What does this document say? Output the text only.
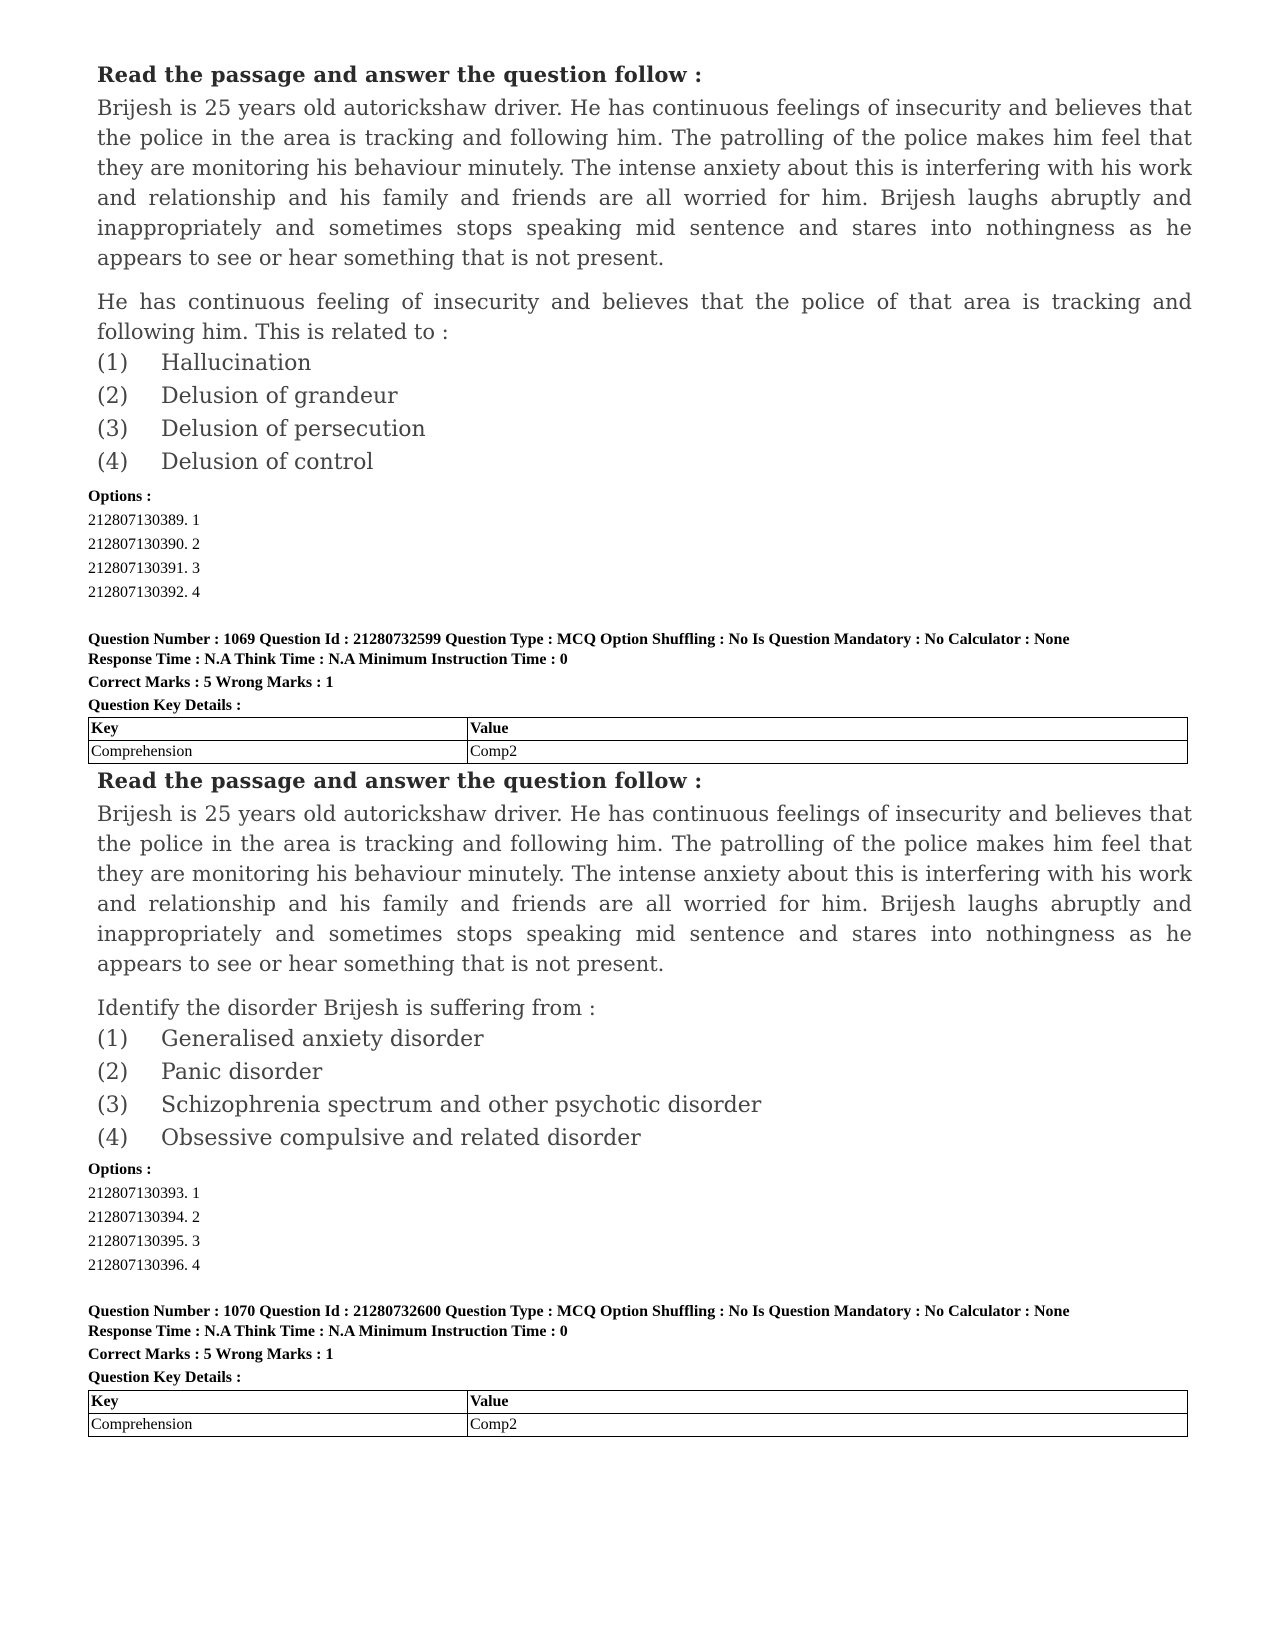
Read the passage and answer the question follow :

Brijesh is 25 years old autorickshaw driver. He has continuous feelings of insecurity and believes that the police in the area is tracking and following him. The patrolling of the police makes him feel that they are monitoring his behaviour minutely. The intense anxiety about this is interfering with his work and relationship and his family and friends are all worried for him. Brijesh laughs abruptly and inappropriately and sometimes stops speaking mid sentence and stares into nothingness as he appears to see or hear something that is not present.

He has continuous feeling of insecurity and believes that the police of that area is tracking and following him. This is related to :

(1)	Hallucination
(2)	Delusion of grandeur
(3)	Delusion of persecution
(4)	Delusion of control
Options :
212807130389. 1
212807130390. 2
212807130391. 3
212807130392. 4
Question Number : 1069 Question Id : 21280732599 Question Type : MCQ Option Shuffling : No Is Question Mandatory : No Calculator : None
Response Time : N.A Think Time : N.A Minimum Instruction Time : 0
Correct Marks : 5 Wrong Marks : 1
Question Key Details :
Key	Value
Comprehension	Comp2
Read the passage and answer the question follow :

Brijesh is 25 years old autorickshaw driver. He has continuous feelings of insecurity and believes that the police in the area is tracking and following him. The patrolling of the police makes him feel that they are monitoring his behaviour minutely. The intense anxiety about this is interfering with his work and relationship and his family and friends are all worried for him. Brijesh laughs abruptly and inappropriately and sometimes stops speaking mid sentence and stares into nothingness as he appears to see or hear something that is not present.

Identify the disorder Brijesh is suffering from :

(1)	Generalised anxiety disorder
(2)	Panic disorder
(3)	Schizophrenia spectrum and other psychotic disorder
(4)	Obsessive compulsive and related disorder
Options :
212807130393. 1
212807130394. 2
212807130395. 3
212807130396. 4
Question Number : 1070 Question Id : 21280732600 Question Type : MCQ Option Shuffling : No Is Question Mandatory : No Calculator : None
Response Time : N.A Think Time : N.A Minimum Instruction Time : 0
Correct Marks : 5 Wrong Marks : 1
Question Key Details :
Key	Value
Comprehension	Comp2
